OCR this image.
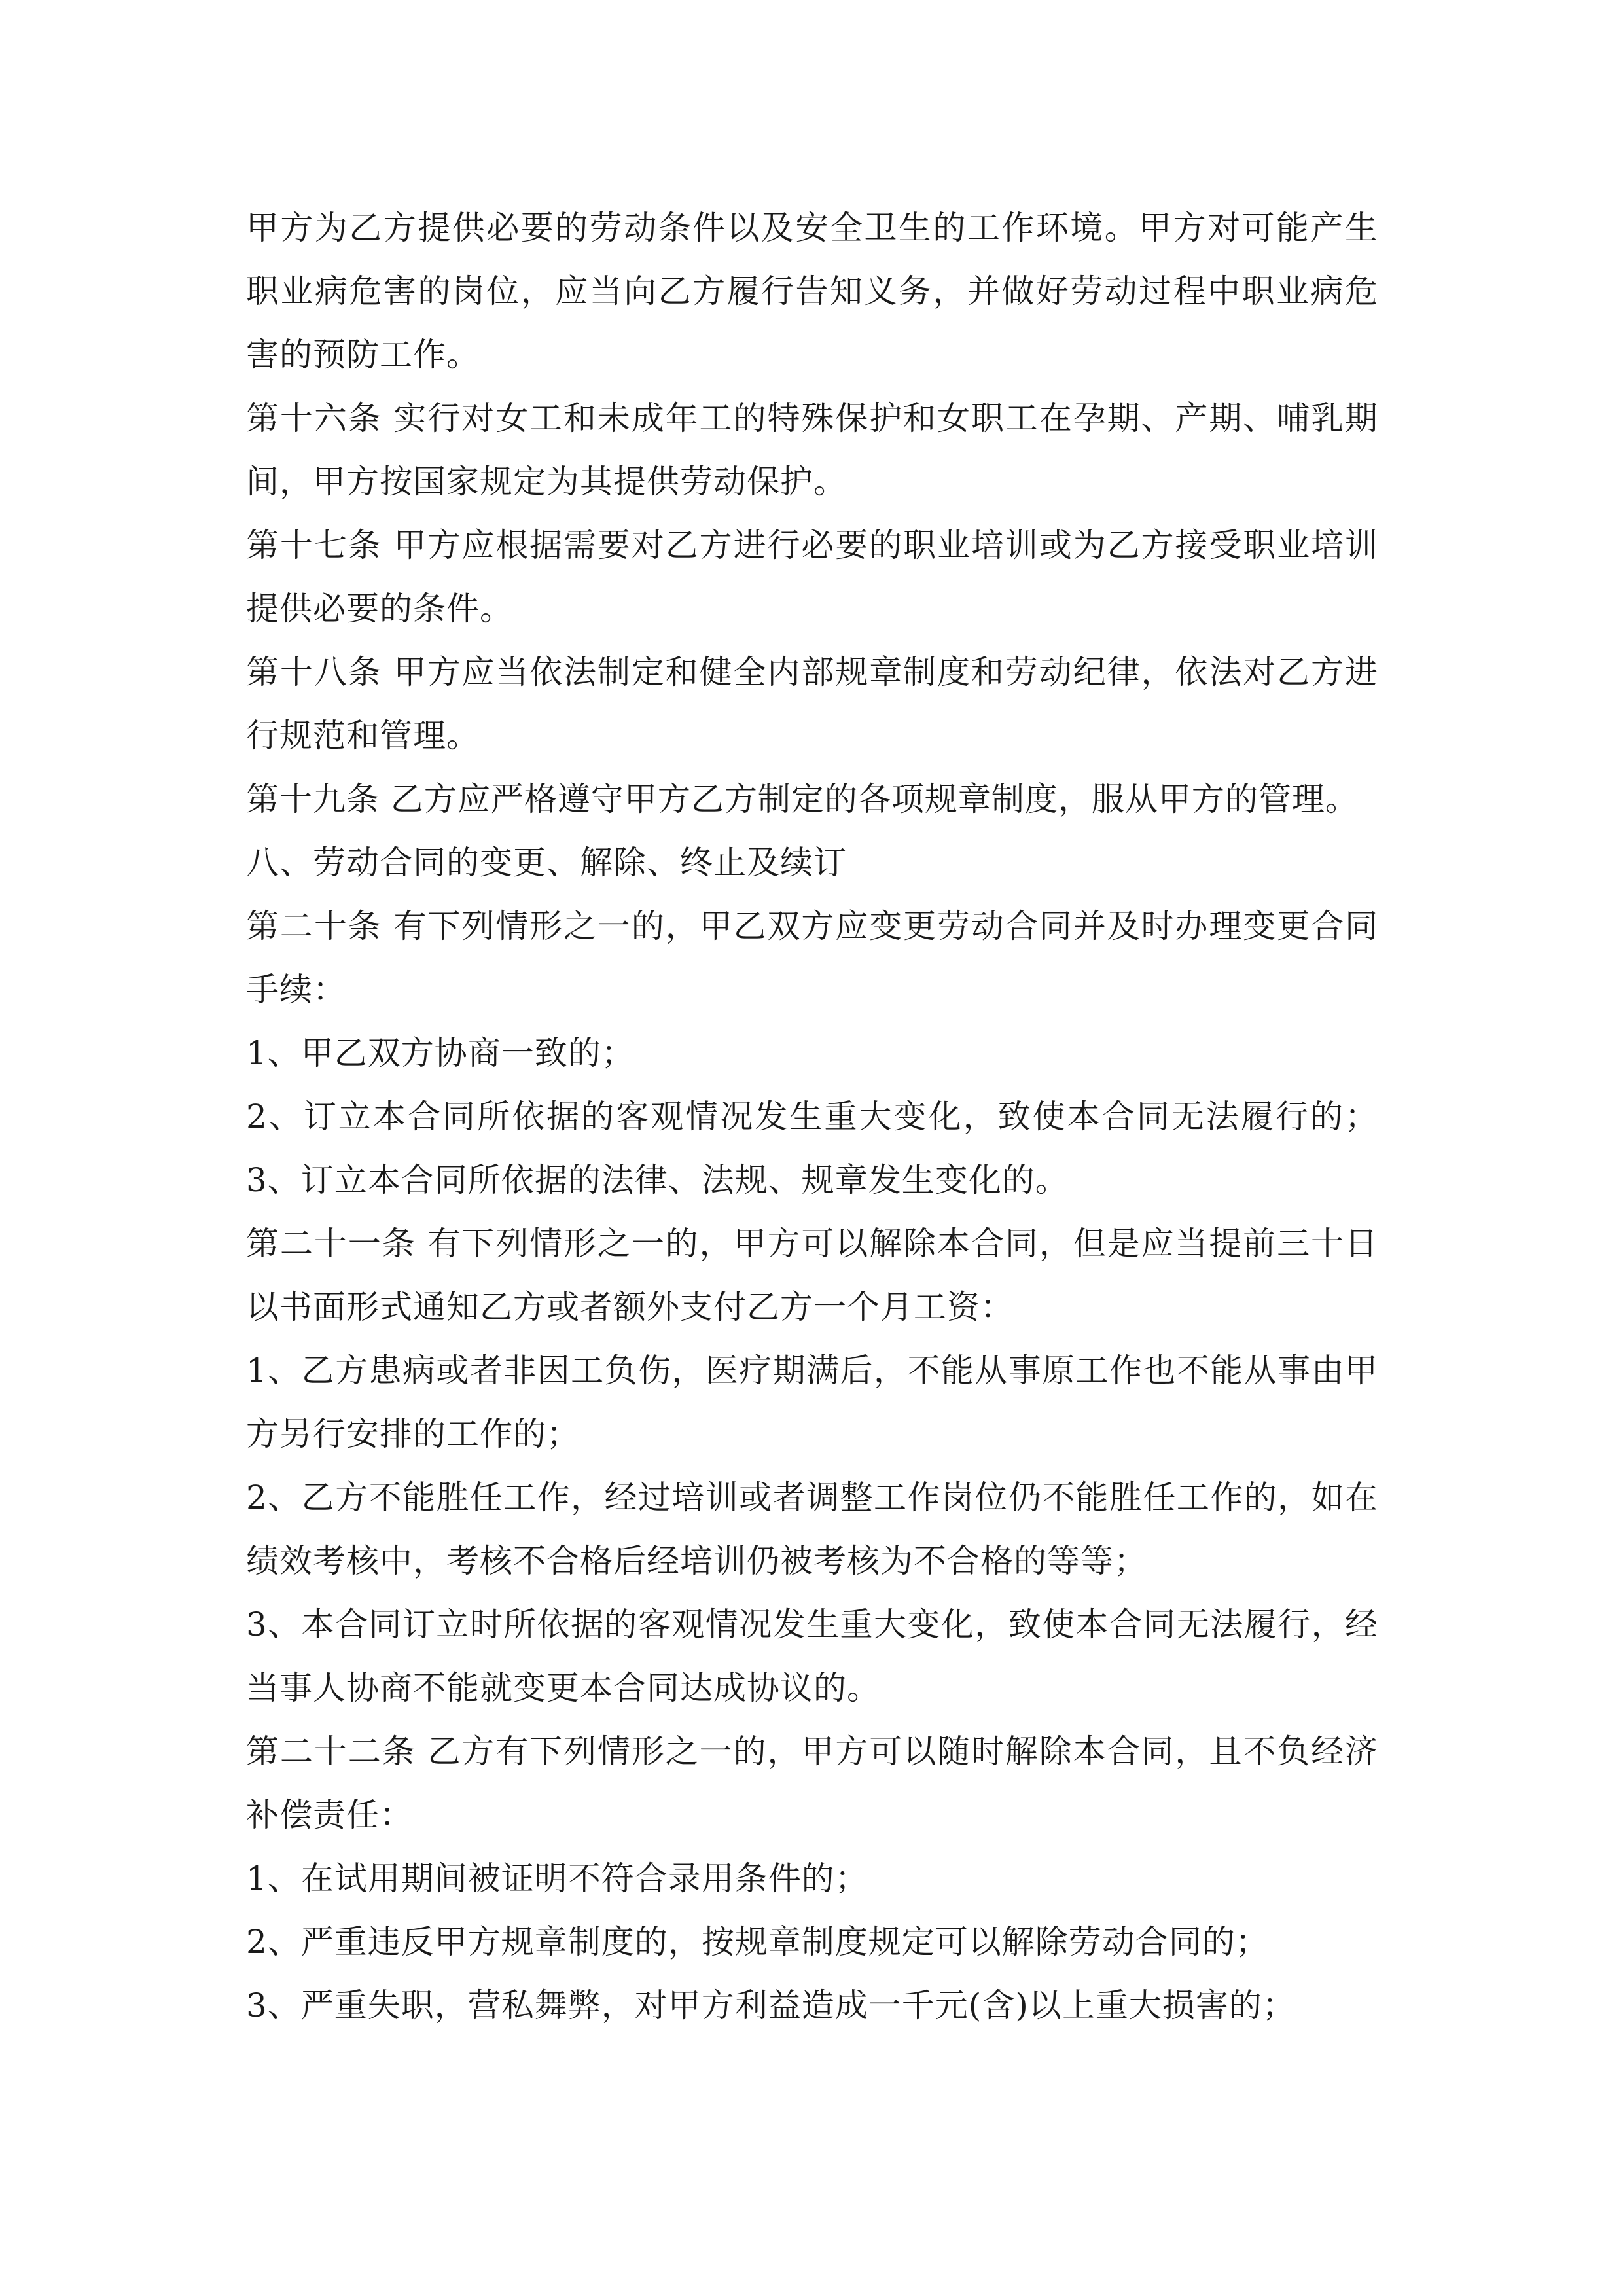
甲方为乙方提供必要的劳动条件以及安全卫生的工作环境。甲方对可能产生职业病危害的岗位，应当向乙方履行告知义务，并做好劳动过程中职业病危害的预防工作。

第十六条 实行对女工和未成年工的特殊保护和女职工在孕期、产期、哺乳期间，甲方按国家规定为其提供劳动保护。

第十七条 甲方应根据需要对乙方进行必要的职业培训或为乙方接受职业培训提供必要的条件。

第十八条 甲方应当依法制定和健全内部规章制度和劳动纪律，依法对乙方进行规范和管理。

第十九条 乙方应严格遵守甲方乙方制定的各项规章制度，服从甲方的管理。

八、劳动合同的变更、解除、终止及续订

第二十条 有下列情形之一的，甲乙双方应变更劳动合同并及时办理变更合同手续：

1、甲乙双方协商一致的；

2、订立本合同所依据的客观情况发生重大变化，致使本合同无法履行的；3、订立本合同所依据的法律、法规、规章发生变化的。

第二十一条 有下列情形之一的，甲方可以解除本合同，但是应当提前三十日以书面形式通知乙方或者额外支付乙方一个月工资：

1、乙方患病或者非因工负伤，医疗期满后，不能从事原工作也不能从事由甲方另行安排的工作的；

2、乙方不能胜任工作，经过培训或者调整工作岗位仍不能胜任工作的，如在绩效考核中，考核不合格后经培训仍被考核为不合格的等等；

3、本合同订立时所依据的客观情况发生重大变化，致使本合同无法履行，经当事人协商不能就变更本合同达成协议的。

第二十二条 乙方有下列情形之一的，甲方可以随时解除本合同，且不负经济补偿责任：

1、在试用期间被证明不符合录用条件的；

2、严重违反甲方规章制度的，按规章制度规定可以解除劳动合同的；

3、严重失职，营私舞弊，对甲方利益造成一千元(含)以上重大损害的；
